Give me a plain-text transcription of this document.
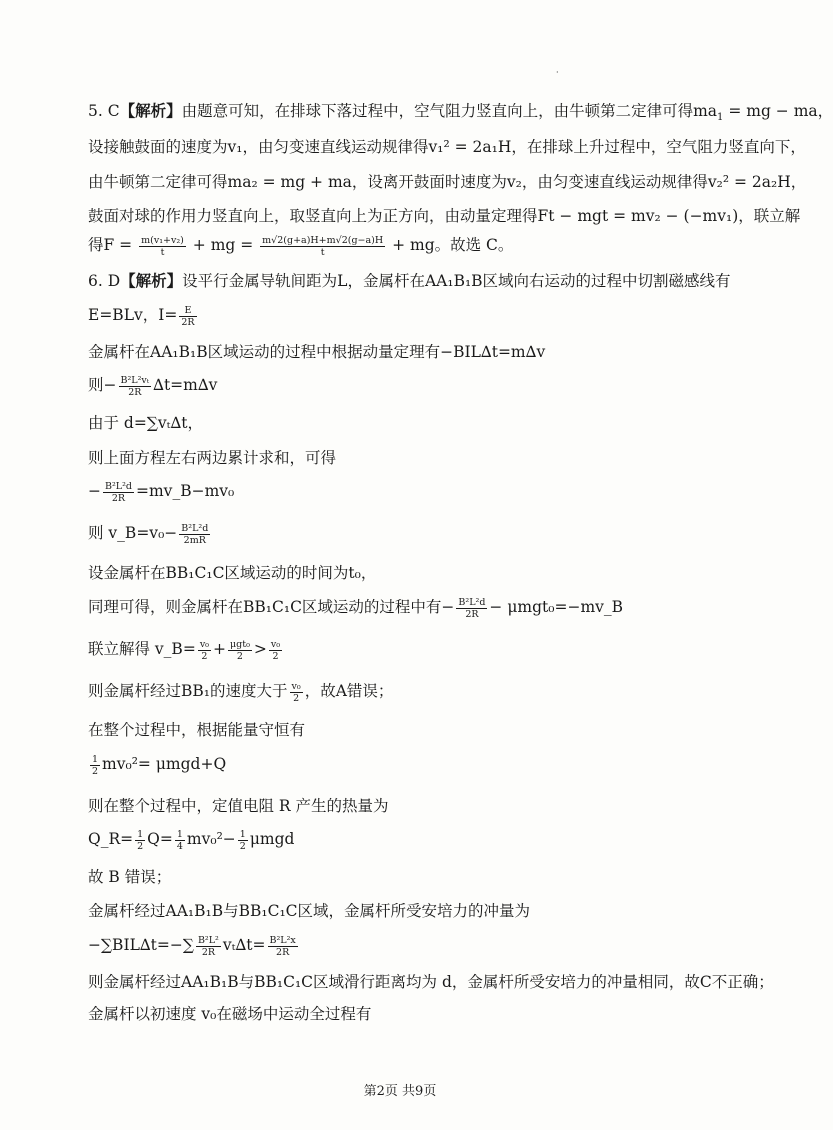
·
5. C【解析】由题意可知，在排球下落过程中，空气阻力竖直向上，由牛顿第二定律可得$ma_1$ = mg − ma，
设接触鼓面的速度为v₁，由匀变速直线运动规律得v₁² = 2a₁H，在排球上升过程中，空气阻力竖直向下，
由牛顿第二定律可得ma₂ = mg + ma，设离开鼓面时速度为v₂，由匀变速直线运动规律得v₂² = 2a₂H，
鼓面对球的作用力竖直向上，取竖直向上为正方向，由动量定理得Ft − mgt = mv₂ − (−mv₁)，联立解
得$F = \frac{\text{m(v₁+v₂)}}{t}$ + mg = $\frac{m√2(g+a)H+m√2(g-a)H}{t}$ + mg。故选 C。
6. D【解析】设平行金属导轨间距为L，金属杆在AA₁B₁B区域向右运动的过程中切割磁感线有
E=BLv，$I= \frac{E}{2R}$
金属杆在AA₁B₁B区域运动的过程中根据动量定理有−BIL∆t=m∆v
则− $\frac{\text{B²L²vₜ}}{2R} \Delta t=m\Delta v$
由于 d=∑vₜ∆t，
则上面方程左右两边累计求和，可得
− $\frac{\text{B²L²d}}{2R}$ =mv_B−mv₀
则 v_B=v₀− $\frac{\text{B²L²d}}{2mR}$
设金属杆在BB₁C₁C区域运动的时间为t₀，
同理可得，则金属杆在BB₁C₁C区域运动的过程中有− $\frac{\text{B²L²d}}{2R}$ − μmgt₀=−mv_B
联立解得 v_B= $\frac{\text{v₀}}{2} + \frac{\text{μgt₀}}{2} > \frac{\text{v₀}}{2}$
则金属杆经过BB₁的速度大于 $\frac{\text{v₀}}{2}$ ，故A错误；
在整个过程中，根据能量守恒有
$\frac{1}{2} mv_0^2= \mu mgd+Q$
则在整个过程中，定值电阻 R 产生的热量为
Q_R= $\frac{1}{2} Q= \frac{1}{4} mv_0^2- \frac{1}{2}$ μmgd
故 B 错误；
金属杆经过AA₁B₁B与BB₁C₁C区域，金属杆所受安培力的冲量为
$-\sum BIL\Delta t=-\sum \frac{\text{B²L²}}{2R} v_t\Delta t= \frac{\text{B²L²x}}{2R}$
则金属杆经过AA₁B₁B与BB₁C₁C区域滑行距离均为 d，金属杆所受安培力的冲量相同，故C不正确；
金属杆以初速度 v₀在磁场中运动全过程有
第2页 共9页
